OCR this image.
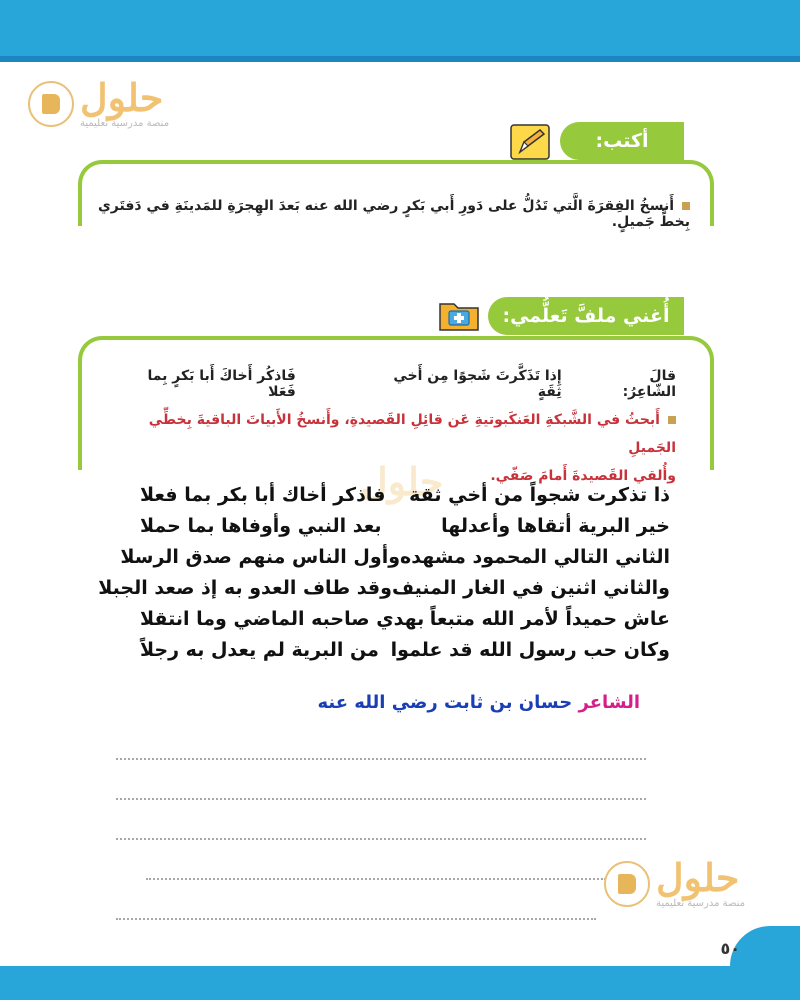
حلول
منصة مدرسية تعليمية
أكتب:
أَنسخُ الفِقرَةَ الَّتي تَدُلُّ على دَورِ أَبي بَكرٍ رضي الله عنه بَعدَ الهِجرَةِ للمَدينَةِ في دَفتَري بِخطٍّ جَميلٍ.
أُغني ملفَّ تَعلُّمي:
قالَ الشّاعِرُ:
إِذا تَذَكَّرتَ شَجوًا مِن أَخي ثِقَةٍ
فَاذكُر أَخاكَ أَبا بَكرٍ بِما فَعَلا
أَبحثُ في الشَّبكةِ العَنكَبوتيةِ عَن قائِلِ القَصيدةِ، وأَنسخُ الأَبياتَ الباقيةَ بِخطِّي الجَميلِ
وأُلقي القَصيدةَ أَمامَ صَفّي.
حلول
ذا تذكرت شجواً من أخي ثقة
فاذكر أخاك أبا بكر بما فعلا
خير البرية أتقاها وأعدلها
بعد النبي وأوفاها بما حملا
الثاني التالي المحمود مشهده
وأول الناس منهم صدق الرسلا
والثاني اثنين في الغار المنيف
وقد طاف العدو به إذ صعد الجبلا
عاش حميداً لأمر الله متبعاً
بهدي صاحبه الماضي وما انتقلا
وكان حب رسول الله قد علموا
من البرية لم يعدل به رجلاً
الشاعر حسان بن ثابت رضي الله عنه
حلول
منصة مدرسية تعليمية
٥٠
